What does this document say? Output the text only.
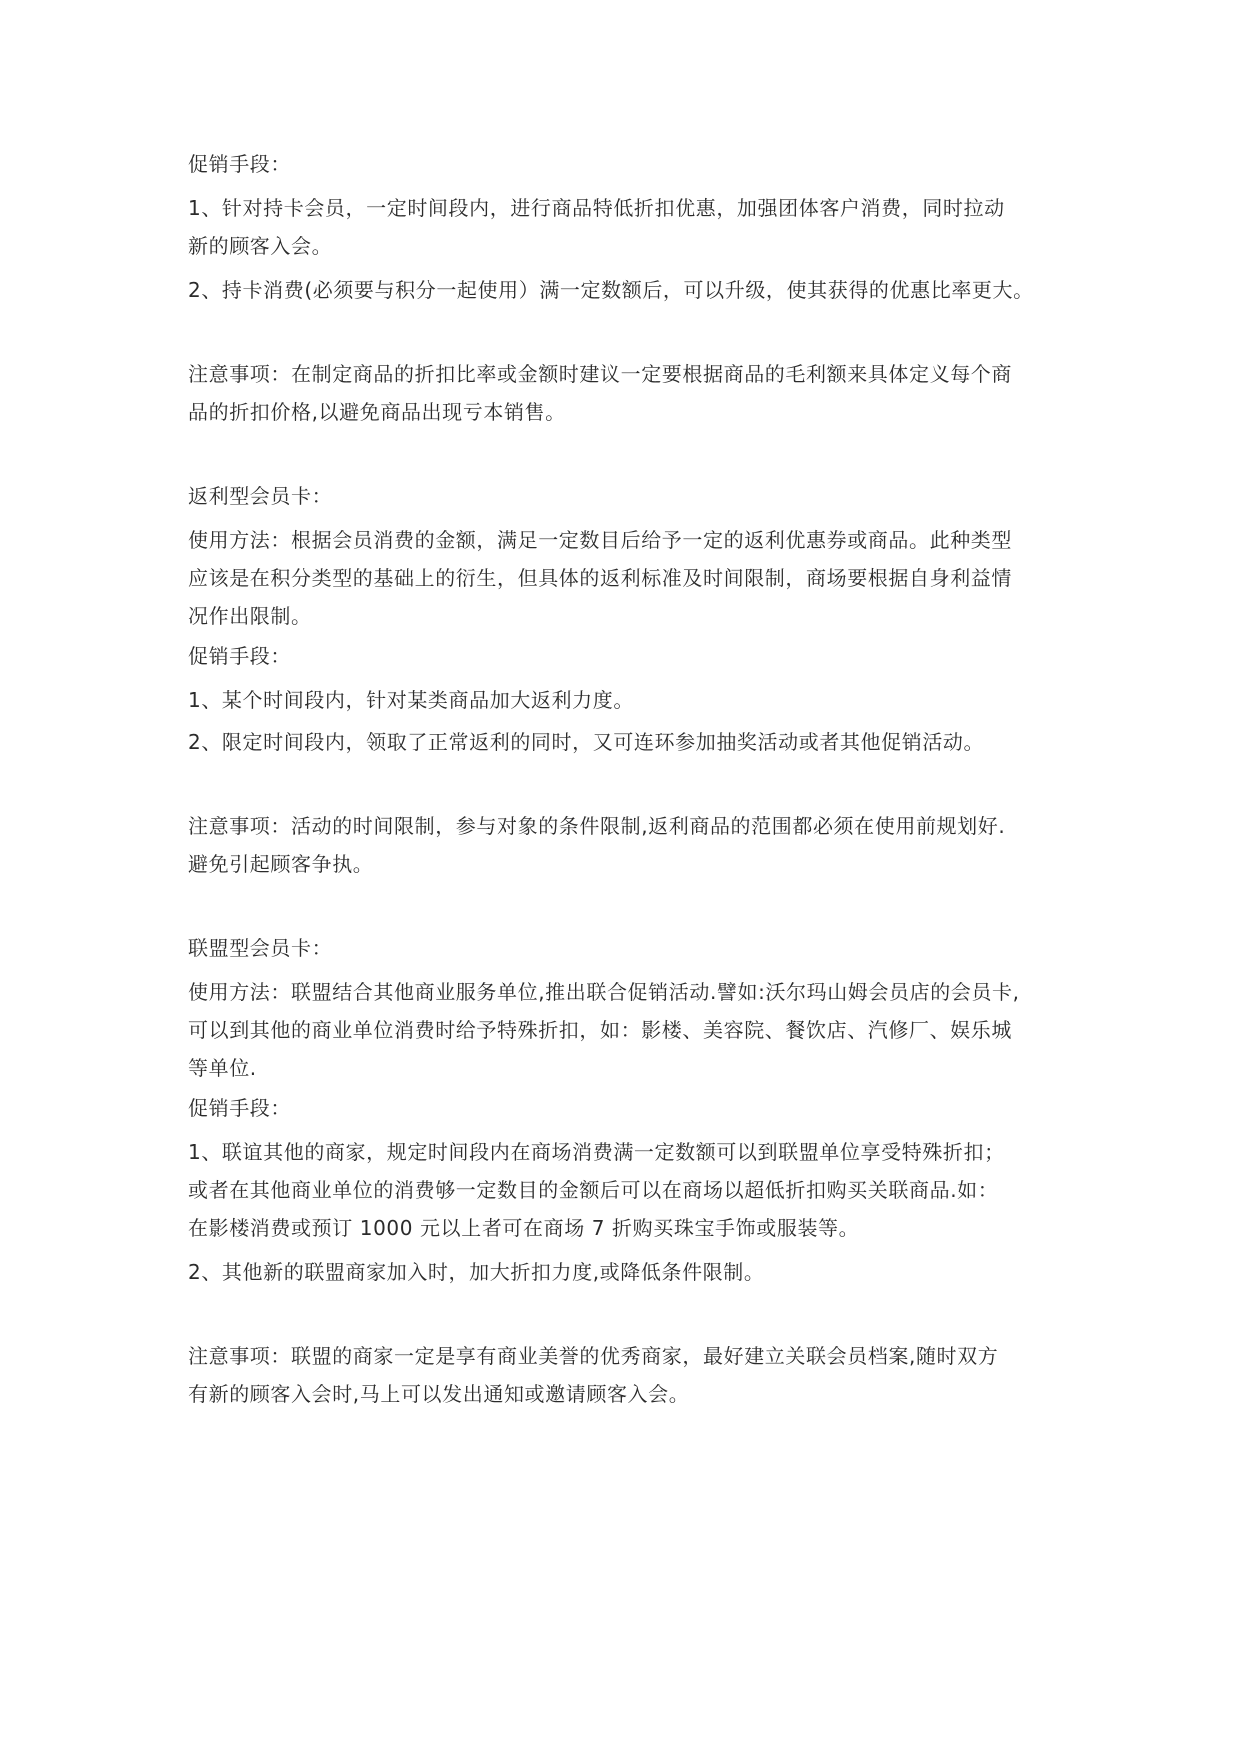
促销手段：
1、针对持卡会员，一定时间段内，进行商品特低折扣优惠，加强团体客户消费，同时拉动
新的顾客入会。
2、持卡消费(必须要与积分一起使用）满一定数额后，可以升级，使其获得的优惠比率更大。
注意事项：在制定商品的折扣比率或金额时建议一定要根据商品的毛利额来具体定义每个商
品的折扣价格,以避免商品出现亏本销售。
返利型会员卡：
使用方法：根据会员消费的金额，满足一定数目后给予一定的返利优惠券或商品。此种类型
应该是在积分类型的基础上的衍生，但具体的返利标准及时间限制，商场要根据自身利益情
况作出限制。
促销手段：
1、某个时间段内，针对某类商品加大返利力度。
2、限定时间段内，领取了正常返利的同时，又可连环参加抽奖活动或者其他促销活动。
注意事项：活动的时间限制，参与对象的条件限制,返利商品的范围都必须在使用前规划好.
避免引起顾客争执。
联盟型会员卡：
使用方法：联盟结合其他商业服务单位,推出联合促销活动.譬如:沃尔玛山姆会员店的会员卡,
可以到其他的商业单位消费时给予特殊折扣，如：影楼、美容院、餐饮店、汽修厂、娱乐城
等单位.
促销手段：
1、联谊其他的商家，规定时间段内在商场消费满一定数额可以到联盟单位享受特殊折扣；
或者在其他商业单位的消费够一定数目的金额后可以在商场以超低折扣购买关联商品.如：
在影楼消费或预订 1000 元以上者可在商场 7 折购买珠宝手饰或服装等。
2、其他新的联盟商家加入时，加大折扣力度,或降低条件限制。
注意事项：联盟的商家一定是享有商业美誉的优秀商家，最好建立关联会员档案,随时双方
有新的顾客入会时,马上可以发出通知或邀请顾客入会。
